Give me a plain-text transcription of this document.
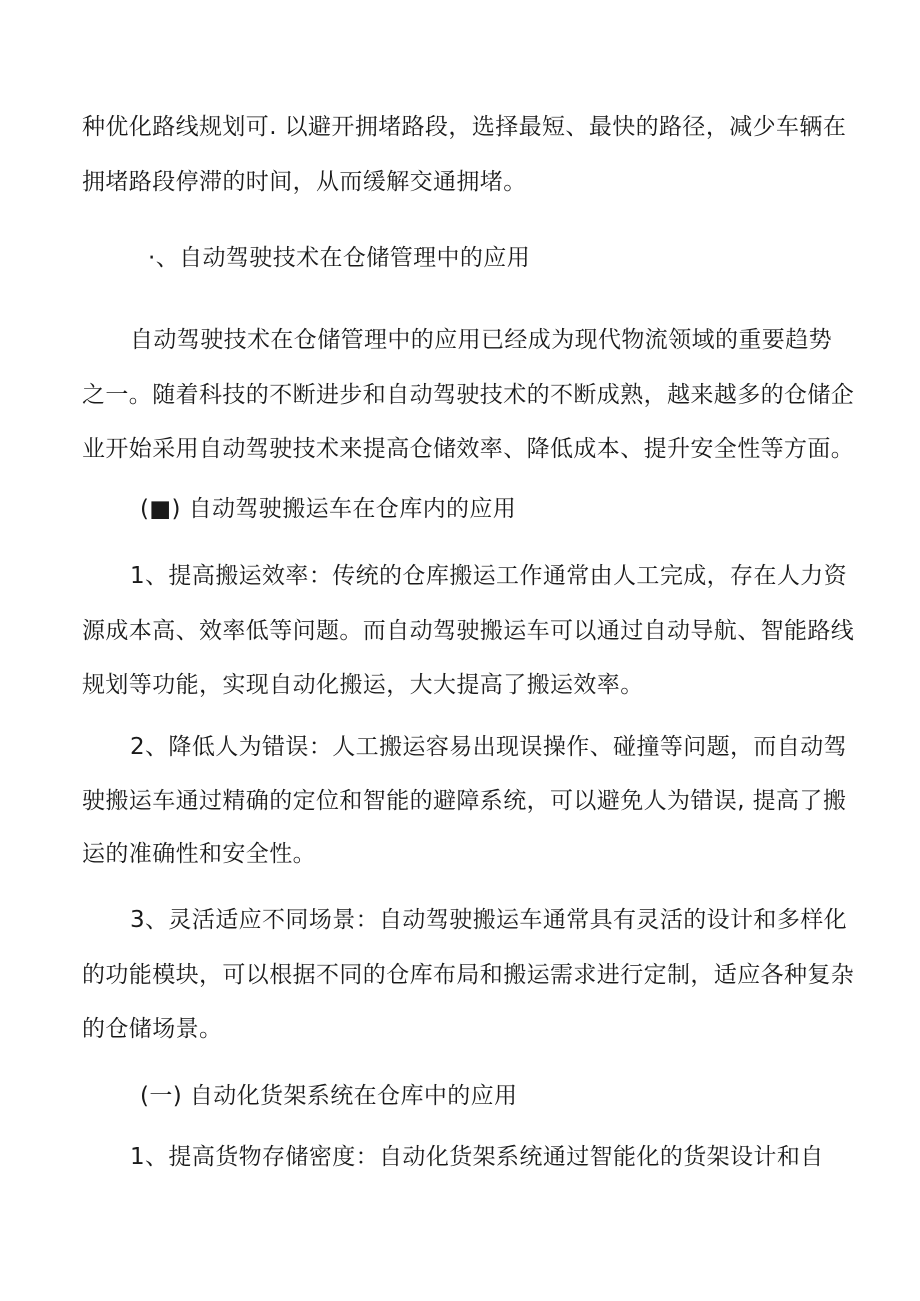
种优化路线规划可. 以避开拥堵路段，选择最短、最快的路径，减少车辆在
拥堵路段停滞的时间，从而缓解交通拥堵。
·、自动驾驶技术在仓储管理中的应用
自动驾驶技术在仓储管理中的应用已经成为现代物流领域的重要趋势
之一。随着科技的不断进步和自动驾驶技术的不断成熟，越来越多的仓储企
业开始采用自动驾驶技术来提高仓储效率、降低成本、提升安全性等方面。
(■) 自动驾驶搬运车在仓库内的应用
1、提高搬运效率：传统的仓库搬运工作通常由人工完成，存在人力资
源成本高、效率低等问题。而自动驾驶搬运车可以通过自动导航、智能路线
规划等功能，实现自动化搬运，大大提高了搬运效率。
2、降低人为错误：人工搬运容易出现误操作、碰撞等问题，而自动驾
驶搬运车通过精确的定位和智能的避障系统，可以避免人为错误, 提高了搬
运的准确性和安全性。
3、灵活适应不同场景：自动驾驶搬运车通常具有灵活的设计和多样化
的功能模块，可以根据不同的仓库布局和搬运需求进行定制，适应各种复杂
的仓储场景。
(一) 自动化货架系统在仓库中的应用
1、提高货物存储密度：自动化货架系统通过智能化的货架设计和自
